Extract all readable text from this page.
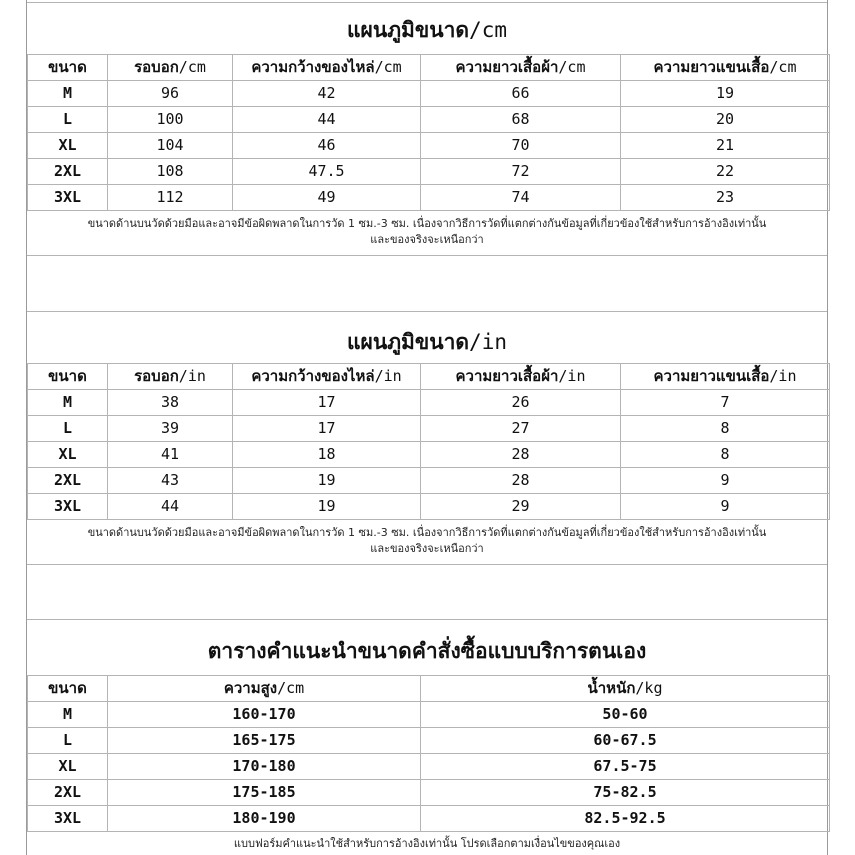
แผนภูมิขนาด/cm
ขนาด	รอบอก/cm	ความกว้างของไหล่/cm	ความยาวเสื้อผ้า/cm	ความยาวแขนเสื้อ/cm
M	96	42	66	19
L	100	44	68	20
XL	104	46	70	21
2XL	108	47.5	72	22
3XL	112	49	74	23
ขนาดด้านบนวัดด้วยมือและอาจมีข้อผิดพลาดในการวัด 1 ซม.-3 ซม. เนื่องจากวิธีการวัดที่แตกต่างกันข้อมูลที่เกี่ยวข้องใช้สำหรับการอ้างอิงเท่านั้น
และของจริงจะเหนือกว่า
แผนภูมิขนาด/in
ขนาด	รอบอก/in	ความกว้างของไหล่/in	ความยาวเสื้อผ้า/in	ความยาวแขนเสื้อ/in
M	38	17	26	7
L	39	17	27	8
XL	41	18	28	8
2XL	43	19	28	9
3XL	44	19	29	9
ขนาดด้านบนวัดด้วยมือและอาจมีข้อผิดพลาดในการวัด 1 ซม.-3 ซม. เนื่องจากวิธีการวัดที่แตกต่างกันข้อมูลที่เกี่ยวข้องใช้สำหรับการอ้างอิงเท่านั้น
และของจริงจะเหนือกว่า
ตารางคำแนะนำขนาดคำสั่งซื้อแบบบริการตนเอง
ขนาด	ความสูง/cm	น้ำหนัก/kg
M	160-170	50-60
L	165-175	60-67.5
XL	170-180	67.5-75
2XL	175-185	75-82.5
3XL	180-190	82.5-92.5
แบบฟอร์มคำแนะนำใช้สำหรับการอ้างอิงเท่านั้น โปรดเลือกตามเงื่อนไขของคุณเอง
